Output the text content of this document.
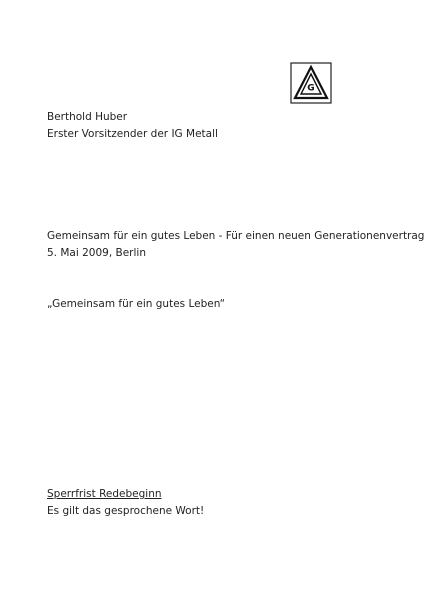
G
Berthold Huber
Erster Vorsitzender der IG Metall
Gemeinsam für ein gutes Leben - Für einen neuen Generationenvertrag
5. Mai 2009, Berlin
„Gemeinsam für ein gutes Leben“
Sperrfrist Redebeginn
Es gilt das gesprochene Wort!
